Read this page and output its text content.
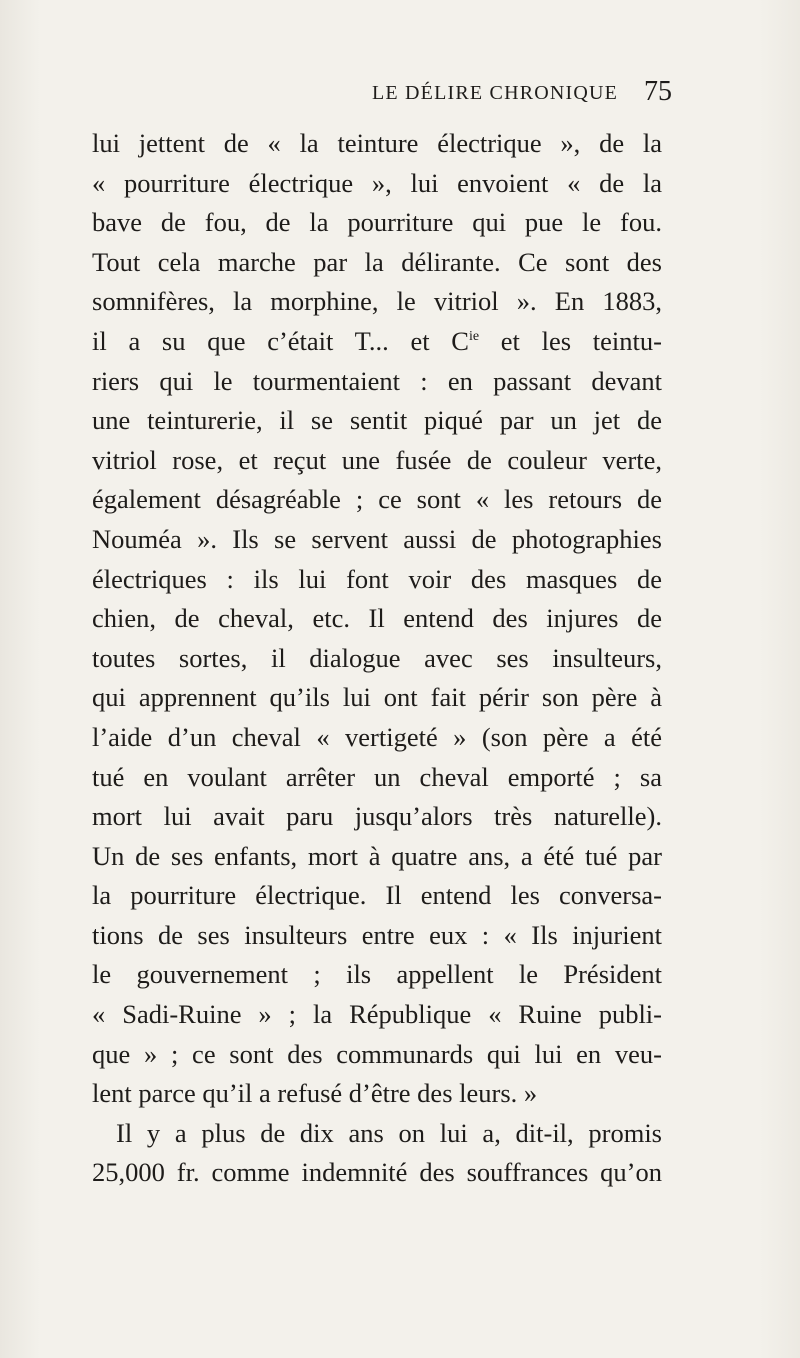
LE DÉLIRE CHRONIQUE 75
lui jettent de « la teinture électrique », de la
« pourriture électrique », lui envoient « de la
bave de fou, de la pourriture qui pue le fou.
Tout cela marche par la délirante. Ce sont des
somnifères, la morphine, le vitriol ». En 1883,
il a su que c’était T... et $C^{ie}$ et les teintu-
riers qui le tourmentaient : en passant devant
une teinturerie, il se sentit piqué par un jet de
vitriol rose, et reçut une fusée de couleur verte,
également désagréable ; ce sont « les retours de
Nouméa ». Ils se servent aussi de photographies
électriques : ils lui font voir des masques de
chien, de cheval, etc. Il entend des injures de
toutes sortes, il dialogue avec ses insulteurs,
qui apprennent qu’ils lui ont fait périr son père à
l’aide d’un cheval « vertigeté » (son père a été
tué en voulant arrêter un cheval emporté ; sa
mort lui avait paru jusqu’alors très naturelle).
Un de ses enfants, mort à quatre ans, a été tué par
la pourriture électrique. Il entend les conversa-
tions de ses insulteurs entre eux : « Ils injurient
le gouvernement ; ils appellent le Président
« Sadi-Ruine » ; la République « Ruine publi-
que » ; ce sont des communards qui lui en veu-
lent parce qu’il a refusé d’être des leurs. »
Il y a plus de dix ans on lui a, dit-il, promis
25,000 fr. comme indemnité des souffrances qu’on
